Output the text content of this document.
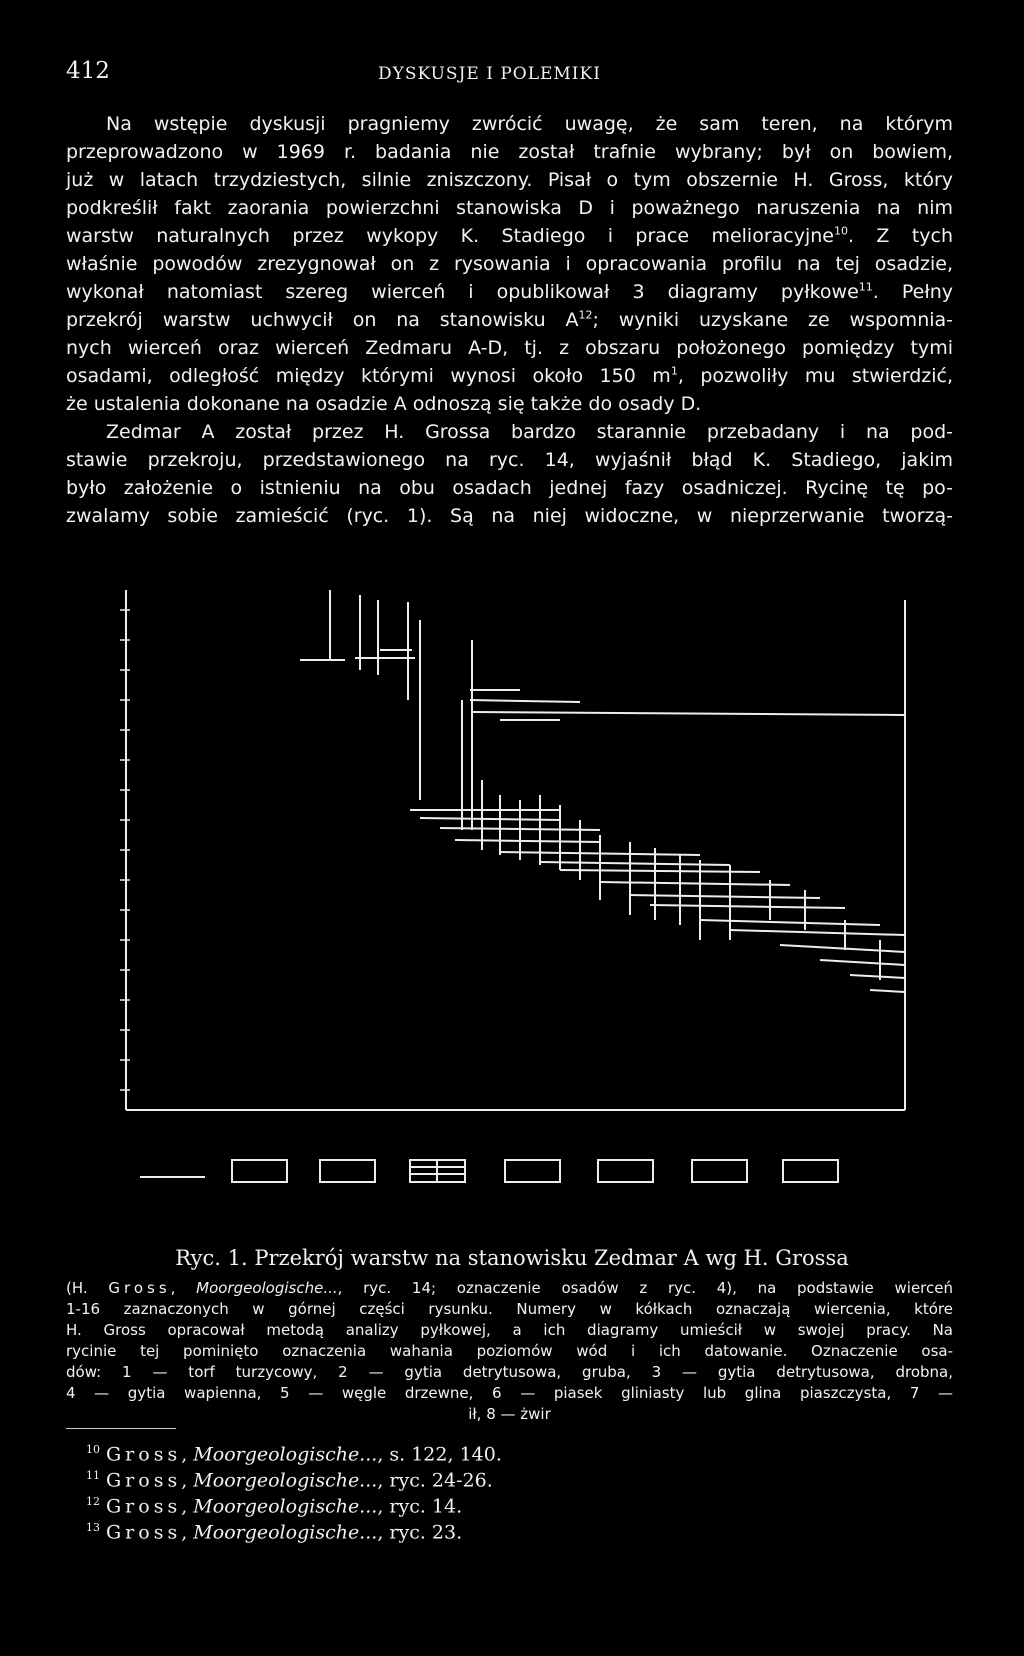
412	DYSKUSJE I POLEMIKI
Na wstępie dyskusji pragniemy zwrócić uwagę, że sam teren, na którym
przeprowadzono w 1969 r. badania nie został trafnie wybrany; był on bowiem,
już w latach trzydziestych, silnie zniszczony. Pisał o tym obszernie H. Gross, który
podkreślił fakt zaorania powierzchni stanowiska D i poważnego naruszenia na nim
warstw naturalnych przez wykopy K. Stadiego i prace melioracyjne$^{10}$. Z tych
właśnie powodów zrezygnował on z rysowania i opracowania profilu na tej osadzie,
wykonał natomiast szereg wierceń i opublikował 3 diagramy pyłkowe$^{11}$. Pełny
przekrój warstw uchwycił on na stanowisku $A^{12}$; wyniki uzyskane ze wspomnia-
nych wierceń oraz wierceń Zedmaru A-D, tj. z obszaru położonego pomiędzy tymi
osadami, odległość między którymi wynosi około 150 $m^1$, pozwoliły mu stwierdzić,
że ustalenia dokonane na osadzie A odnoszą się także do osady D.
Zedmar A został przez H. Grossa bardzo starannie przebadany i na pod-
stawie przekroju, przedstawionego na ryc. 14, wyjaśnił błąd K. Stadiego, jakim
było założenie o istnieniu na obu osadach jednej fazy osadniczej. Rycinę tę po-
zwalamy sobie zamieścić (ryc. 1). Są na niej widoczne, w nieprzerwanie tworzą-
Ryc. 1. Przekrój warstw na stanowisku Zedmar A wg H. Grossa
(H. Gross, Moorgeologische..., ryc. 14; oznaczenie osadów z ryc. 4), na podstawie wierceń
1-16 zaznaczonych w górnej części rysunku. Numery w kółkach oznaczają wiercenia, które
H. Gross opracował metodą analizy pyłkowej, a ich diagramy umieścił w swojej pracy. Na
rycinie tej pominięto oznaczenia wahania poziomów wód i ich datowanie. Oznaczenie osa-
dów: 1 — torf turzycowy, 2 — gytia detrytusowa, gruba, 3 — gytia detrytusowa, drobna,
4 — gytia wapienna, 5 — węgle drzewne, 6 — piasek gliniasty lub glina piaszczysta, 7 —
ił, 8 — żwir
$^{10}$ Gross, Moorgeologische..., s. 122, 140.
$^{11}$ Gross, Moorgeologische..., ryc. 24-26.
$^{12}$ Gross, Moorgeologische..., ryc. 14.
$^{13}$ Gross, Moorgeologische..., ryc. 23.
